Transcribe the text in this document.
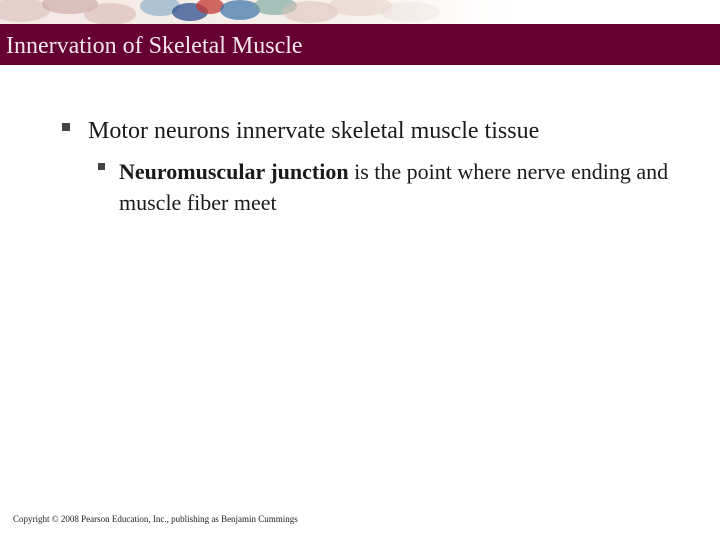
Innervation of Skeletal Muscle
Motor neurons innervate skeletal muscle tissue
Neuromuscular junction is the point where nerve ending and muscle fiber meet
Copyright © 2008 Pearson Education, Inc., publishing as Benjamin Cummings
